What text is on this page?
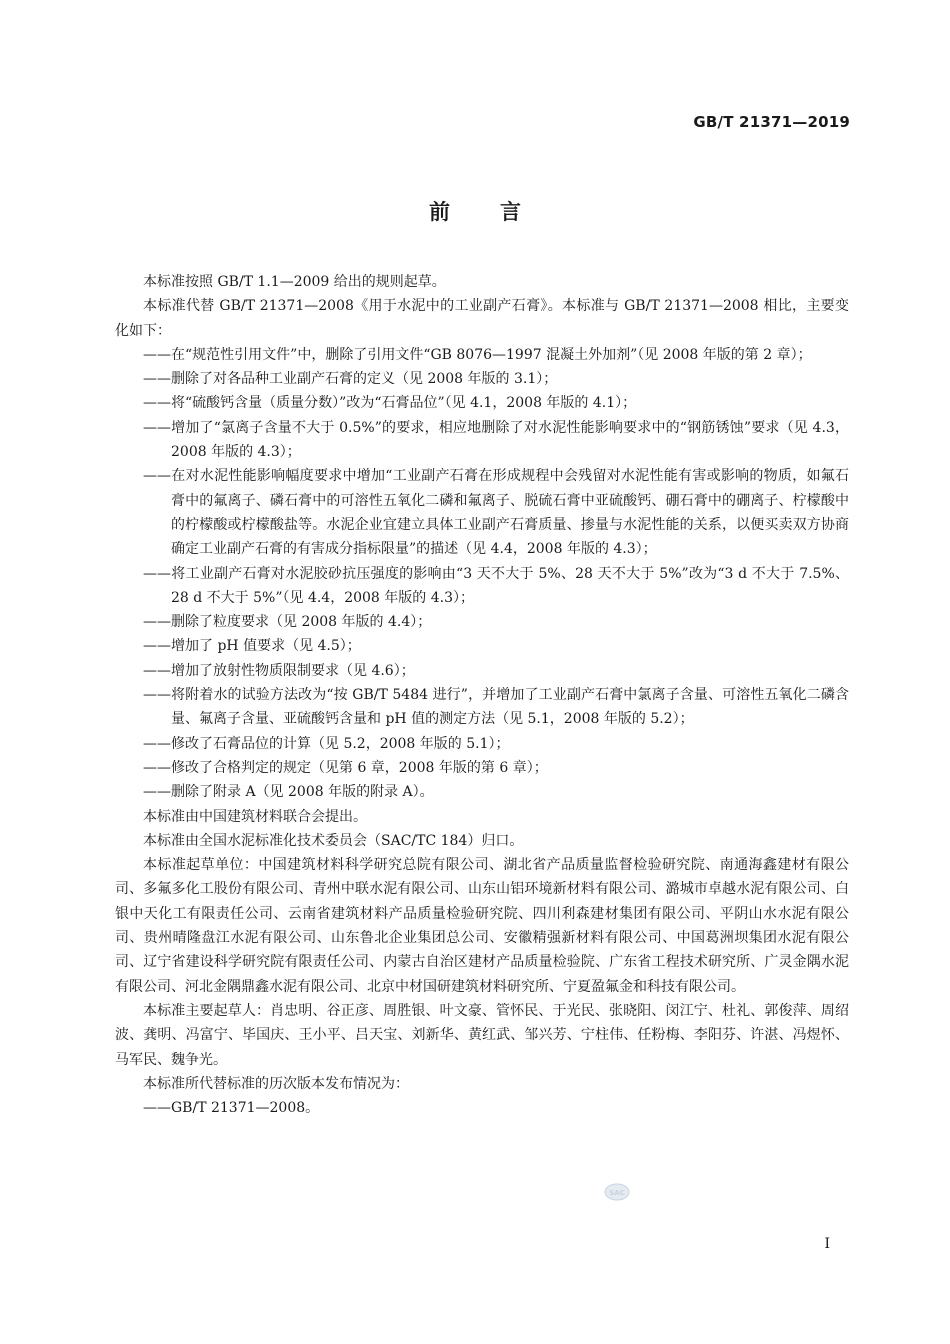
GB/T 21371—2019
前 言

本标准按照 GB/T 1.1—2009 给出的规则起草。

本标准代替 GB/T 21371—2008《用于水泥中的工业副产石膏》。本标准与 GB/T 21371—2008 相比，主要变化如下：

——在“规范性引用文件”中，删除了引用文件“GB 8076—1997 混凝土外加剂”（见 2008 年版的第 2 章）；

——删除了对各品种工业副产石膏的定义（见 2008 年版的 3.1）；

——将“硫酸钙含量（质量分数）”改为“石膏品位”（见 4.1，2008 年版的 4.1）；

——增加了“氯离子含量不大于 0.5%”的要求，相应地删除了对水泥性能影响要求中的“钢筋锈蚀”要求（见 4.3，2008 年版的 4.3）；

——在对水泥性能影响幅度要求中增加“工业副产石膏在形成规程中会残留对水泥性能有害或影响的物质，如氟石膏中的氟离子、磷石膏中的可溶性五氧化二磷和氟离子、脱硫石膏中亚硫酸钙、硼石膏中的硼离子、柠檬酸中的柠檬酸或柠檬酸盐等。水泥企业宜建立具体工业副产石膏质量、掺量与水泥性能的关系，以便买卖双方协商确定工业副产石膏的有害成分指标限量”的描述（见 4.4，2008 年版的 4.3）；

——将工业副产石膏对水泥胶砂抗压强度的影响由“3 天不大于 5%、28 天不大于 5%”改为“3 d 不大于 7.5%、28 d 不大于 5%”（见 4.4，2008 年版的 4.3）；

——删除了粒度要求（见 2008 年版的 4.4）；

——增加了 pH 值要求（见 4.5）；

——增加了放射性物质限制要求（见 4.6）；

——将附着水的试验方法改为“按 GB/T 5484 进行”，并增加了工业副产石膏中氯离子含量、可溶性五氧化二磷含量、氟离子含量、亚硫酸钙含量和 pH 值的测定方法（见 5.1，2008 年版的 5.2）；

——修改了石膏品位的计算（见 5.2，2008 年版的 5.1）；

——修改了合格判定的规定（见第 6 章，2008 年版的第 6 章）；

——删除了附录 A（见 2008 年版的附录 A）。

本标准由中国建筑材料联合会提出。

本标准由全国水泥标准化技术委员会（SAC/TC 184）归口。

本标准起草单位：中国建筑材料科学研究总院有限公司、湖北省产品质量监督检验研究院、南通海鑫建材有限公司、多氟多化工股份有限公司、青州中联水泥有限公司、山东山铝环境新材料有限公司、潞城市卓越水泥有限公司、白银中天化工有限责任公司、云南省建筑材料产品质量检验研究院、四川利森建材集团有限公司、平阴山水水泥有限公司、贵州晴隆盘江水泥有限公司、山东鲁北企业集团总公司、安徽精强新材料有限公司、中国葛洲坝集团水泥有限公司、辽宁省建设科学研究院有限责任公司、内蒙古自治区建材产品质量检验院、广东省工程技术研究所、广灵金隅水泥有限公司、河北金隅鼎鑫水泥有限公司、北京中材国研建筑材料研究所、宁夏盈氟金和科技有限公司。

本标准主要起草人：肖忠明、谷正彦、周胜银、叶文豪、管怀民、于光民、张晓阳、闵江宁、杜礼、郭俊萍、周绍波、龚明、冯富宁、毕国庆、王小平、吕天宝、刘新华、黄红武、邹兴芳、宁柱伟、任粉梅、李阳芬、许湛、冯煜怀、马军民、魏争光。

本标准所代替标准的历次版本发布情况为：

——GB/T 21371—2008。

SAC
I
